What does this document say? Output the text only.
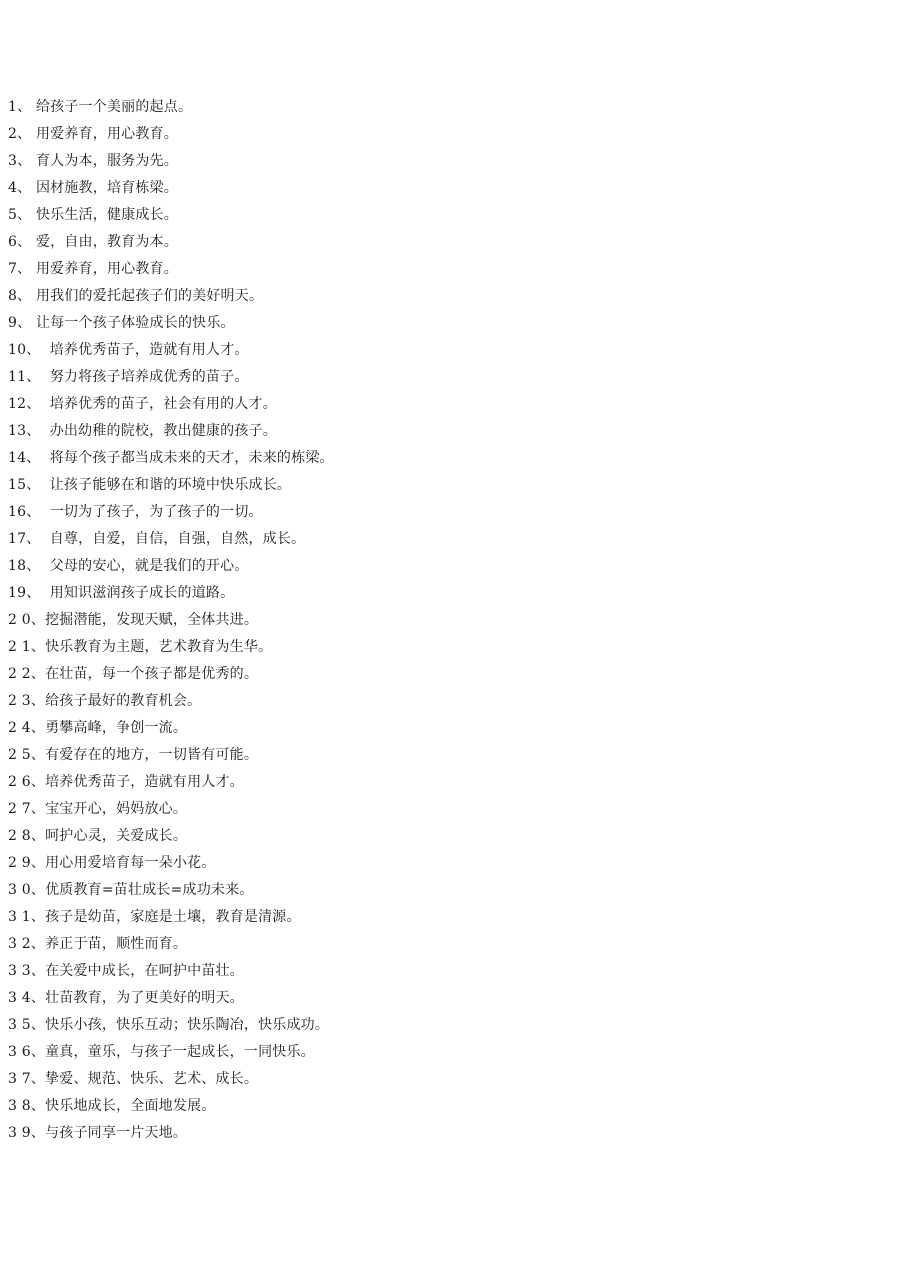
1、 给孩子一个美丽的起点。
2、 用爱养育，用心教育。
3、 育人为本，服务为先。
4、 因材施教，培育栋梁。
5、 快乐生活，健康成长。
6、 爱，自由，教育为本。
7、 用爱养育，用心教育。
8、 用我们的爱托起孩子们的美好明天。
9、 让每一个孩子体验成长的快乐。
10、  培养优秀苗子，造就有用人才。
11、  努力将孩子培养成优秀的苗子。
12、  培养优秀的苗子，社会有用的人才。
13、  办出幼稚的院校，教出健康的孩子。
14、  将每个孩子都当成未来的天才，未来的栋梁。
15、  让孩子能够在和谐的环境中快乐成长。
16、  一切为了孩子，为了孩子的一切。
17、  自尊，自爱，自信，自强，自然，成长。
18、  父母的安心，就是我们的开心。
19、  用知识滋润孩子成长的道路。
2 0、挖掘潜能，发现天赋，全体共进。
2 1、快乐教育为主题，艺术教育为生华。
2 2、在壮苗，每一个孩子都是优秀的。
2 3、给孩子最好的教育机会。
2 4、勇攀高峰，争创一流。
2 5、有爱存在的地方，一切皆有可能。
2 6、培养优秀苗子，造就有用人才。
2 7、宝宝开心，妈妈放心。
2 8、呵护心灵，关爱成长。
2 9、用心用爱培育每一朵小花。
3 0、优质教育=苗壮成长=成功未来。
3 1、孩子是幼苗，家庭是土壤，教育是清源。
3 2、养正于苗，顺性而育。
3 3、在关爱中成长，在呵护中苗壮。
3 4、壮苗教育，为了更美好的明天。
3 5、快乐小孩，快乐互动；快乐陶冶，快乐成功。
3 6、童真，童乐，与孩子一起成长，一同快乐。
3 7、挚爱、规范、快乐、艺术、成长。
3 8、快乐地成长，全面地发展。
3 9、与孩子同享一片天地。
